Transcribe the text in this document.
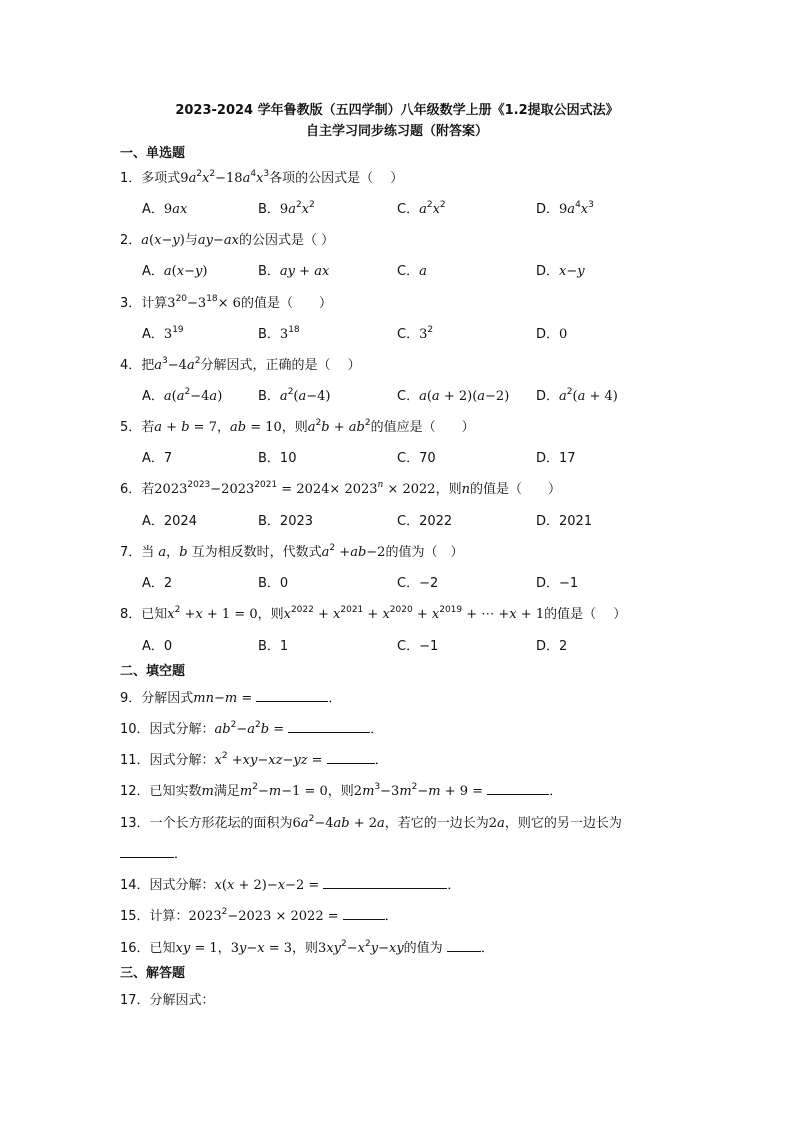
2023-2024 学年鲁教版（五四学制）八年级数学上册《1.2提取公因式法》
自主学习同步练习题（附答案）
一、单选题
1．多项式$9a^2x^2-18a^4x^3$各项的公因式是（　 ）
A．9ax	B．$9a^2x^2$	C．$a^2x^2$	D．$9a^4x^3$
2．a(x−y)与ay−ax的公因式是（ ）
A．a(x−y)	B．ay + ax	C．a	D．x−y
3．计算$3^{20}-3^{18}\times 6$的值是（　　）
A．$3^{19}$	B．$3^{18}$	C．$3^2$	D．0
4．把$a^3-4a^2$分解因式，正确的是（　 ）
A．$a(a^2-4a)$	B．$a^2(a-4)$	C．a(a + 2)(a−2) D．$a^2(a + 4)$
5．若a + b = 7，ab = 10，则$a^2b + ab^2$的值应是（　　）
A．7	B．10	C．70	D．17
6．若$2023^{2023}-2023^{2021} = 2024\times 2023^n \times 2022$，则n的值是（　　）
A．2024	B．2023	C．2022	D．2021
7．当 a，b 互为相反数时，代数式$a^2 +ab-2$的值为（　）
A．2	B．0	C．−2	D．−1
8．已知$x^2 +x + 1 = 0$，则$x^{2022} + x^{2021} + x^{2020} + x^{2019}$ + ⋯ +x + 1的值是（　 ）
A．0	B．1	C．−1	D．2
二、填空题
9．分解因式mn−m =	．
10．因式分解：$ab^2-a^2b$ =	．
11．因式分解：$x^2 +xy-xz-yz$ =	．
12．已知实数m满足$m^2-m-1 = 0$，则$2m^3-3m^2-m + 9$ =	．
13．一个长方形花坛的面积为$6a^2-4ab + 2a$，若它的一边长为2a，则它的另一边长为
．
14．因式分解：x(x + 2)−x−2 =	．
15．计算：$2023^2-2023 \times 2022$ =	．
16．已知xy = 1，3y−x = 3，则$3xy^2-x^2y-xy$的值为	．
三、解答题
17．分解因式：
